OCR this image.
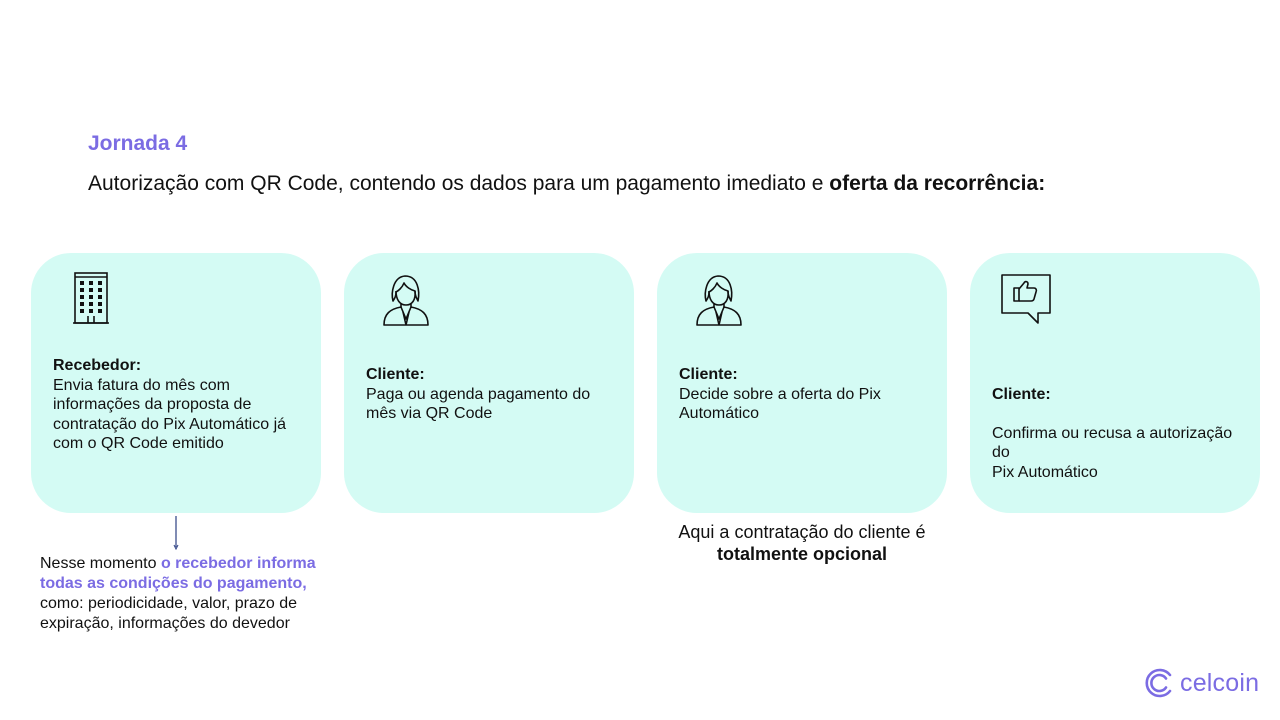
Jornada 4
Autorização com QR Code, contendo os dados para um pagamento imediato e oferta da recorrência:
Recebedor:
Envia fatura do mês com informações da proposta de contratação do Pix Automático já com o QR Code emitido
Cliente:
Paga ou agenda pagamento do mês via QR Code
Cliente:
Decide sobre a oferta do Pix Automático

Cliente:

Confirma ou recusa a autorização do
Pix Automático

Nesse momento o recebedor informa todas as condições do pagamento, como: periodicidade, valor, prazo de expiração, informações do devedor
Aqui a contratação do cliente é
totalmente opcional
celcoin
